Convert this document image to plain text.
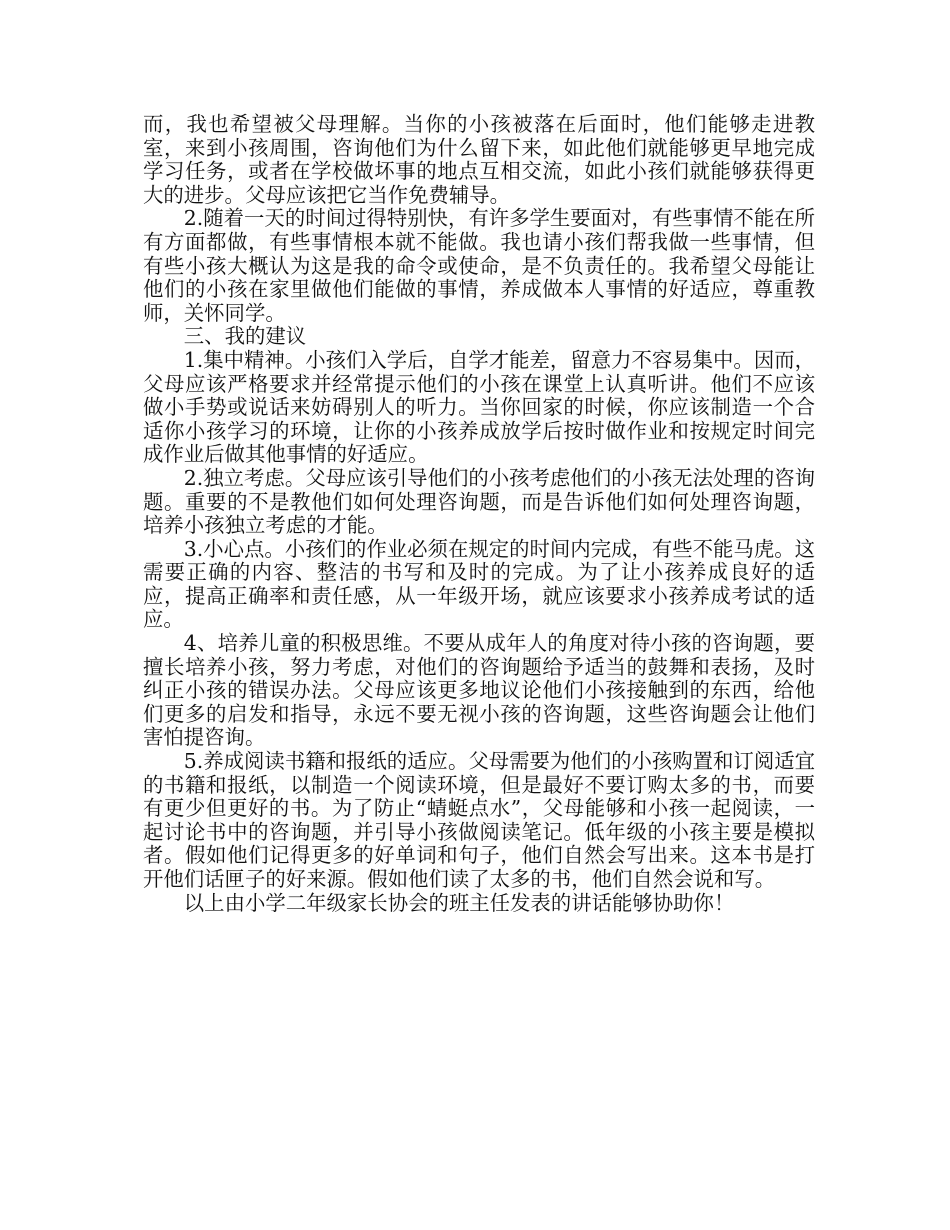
而，我也希望被父母理解。当你的小孩被落在后面时，他们能够走进教室，来到小孩周围，咨询他们为什么留下来，如此他们就能够更早地完成学习任务，或者在学校做坏事的地点互相交流，如此小孩们就能够获得更大的进步。父母应该把它当作免费辅导。

2.随着一天的时间过得特别快，有许多学生要面对，有些事情不能在所有方面都做，有些事情根本就不能做。我也请小孩们帮我做一些事情，但有些小孩大概认为这是我的命令或使命，是不负责任的。我希望父母能让他们的小孩在家里做他们能做的事情，养成做本人事情的好适应，尊重教师，关怀同学。

三、我的建议

1.集中精神。小孩们入学后，自学才能差，留意力不容易集中。因而，父母应该严格要求并经常提示他们的小孩在课堂上认真听讲。他们不应该做小手势或说话来妨碍别人的听力。当你回家的时候，你应该制造一个合适你小孩学习的环境，让你的小孩养成放学后按时做作业和按规定时间完成作业后做其他事情的好适应。

2.独立考虑。父母应该引导他们的小孩考虑他们的小孩无法处理的咨询题。重要的不是教他们如何处理咨询题，而是告诉他们如何处理咨询题，培养小孩独立考虑的才能。

3.小心点。小孩们的作业必须在规定的时间内完成，有些不能马虎。这需要正确的内容、整洁的书写和及时的完成。为了让小孩养成良好的适应，提高正确率和责任感，从一年级开场，就应该要求小孩养成考试的适应。

4、培养儿童的积极思维。不要从成年人的角度对待小孩的咨询题，要擅长培养小孩，努力考虑，对他们的咨询题给予适当的鼓舞和表扬，及时纠正小孩的错误办法。父母应该更多地议论他们小孩接触到的东西，给他们更多的启发和指导，永远不要无视小孩的咨询题，这些咨询题会让他们害怕提咨询。

5.养成阅读书籍和报纸的适应。父母需要为他们的小孩购置和订阅适宜的书籍和报纸，以制造一个阅读环境，但是最好不要订购太多的书，而要有更少但更好的书。为了防止“蜻蜓点水”，父母能够和小孩一起阅读，一起讨论书中的咨询题，并引导小孩做阅读笔记。低年级的小孩主要是模拟者。假如他们记得更多的好单词和句子，他们自然会写出来。这本书是打开他们话匣子的好来源。假如他们读了太多的书，他们自然会说和写。

以上由小学二年级家长协会的班主任发表的讲话能够协助你！
